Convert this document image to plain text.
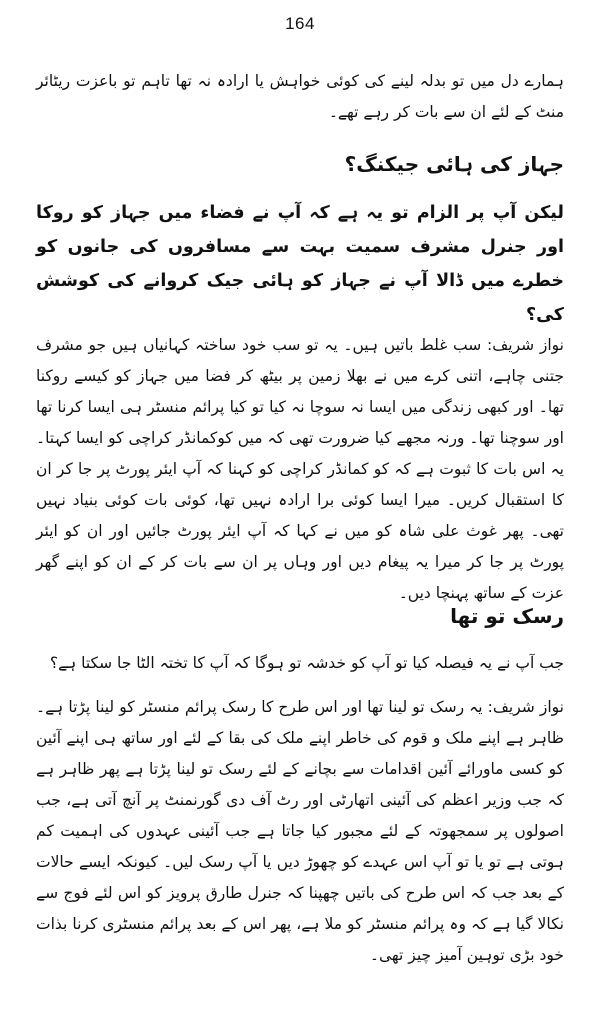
164

ہمارے دل میں تو بدلہ لینے کی کوئی خواہش یا ارادہ نہ تھا تاہم تو باعزت ریٹائر منٹ کے لئے ان سے بات کر رہے تھے۔

جہاز کی ہائی جیکنگ؟

لیکن آپ پر الزام تو یہ ہے کہ آپ نے فضاء میں جہاز کو روکا اور جنرل مشرف سمیت بہت سے مسافروں کی جانوں کو خطرے میں ڈالا آپ نے جہاز کو ہائی جیک کروانے کی کوشش کی؟

نواز شریف: سب غلط باتیں ہیں۔ یہ تو سب خود ساختہ کہانیاں ہیں جو مشرف جتنی چاہے، اتنی کرے میں نے بھلا زمین پر بیٹھ کر فضا میں جہاز کو کیسے روکنا تھا۔ اور کبھی زندگی میں ایسا نہ سوچا نہ کیا تو کیا پرائم منسٹر ہی ایسا کرنا تھا اور سوچنا تھا۔ ورنہ مجھے کیا ضرورت تھی کہ میں کوکمانڈر کراچی کو ایسا کہتا۔ یہ اس بات کا ثبوت ہے کہ کو کمانڈر کراچی کو کہنا کہ آپ ایئر پورٹ پر جا کر ان کا استقبال کریں۔ میرا ایسا کوئی برا ارادہ نہیں تھا، کوئی بات کوئی بنیاد نہیں تھی۔ پھر غوث علی شاہ کو میں نے کہا کہ آپ ایئر پورٹ جائیں اور ان کو ایئر پورٹ پر جا کر میرا یہ پیغام دیں اور وہاں پر ان سے بات کر کے ان کو اپنے گھر عزت کے ساتھ پہنچا دیں۔

رسک تو تھا

جب آپ نے یہ فیصلہ کیا تو آپ کو خدشہ تو ہوگا کہ آپ کا تختہ الٹا جا سکتا ہے؟

نواز شریف: یہ رسک تو لینا تھا اور اس طرح کا رسک پرائم منسٹر کو لینا پڑتا ہے۔ ظاہر ہے اپنے ملک و قوم کی خاطر اپنے ملک کی بقا کے لئے اور ساتھ ہی اپنے آئین کو کسی ماورائے آئین اقدامات سے بچانے کے لئے رسک تو لینا پڑتا ہے پھر ظاہر ہے کہ جب وزیر اعظم کی آئینی اتھارٹی اور رٹ آف دی گورنمنٹ پر آنچ آتی ہے، جب اصولوں پر سمجھوتہ کے لئے مجبور کیا جاتا ہے جب آئینی عہدوں کی اہمیت کم ہوتی ہے تو یا تو آپ اس عہدے کو چھوڑ دیں یا آپ رسک لیں۔ کیونکہ ایسے حالات کے بعد جب کہ اس طرح کی باتیں چھپنا کہ جنرل طارق پرویز کو اس لئے فوج سے نکالا گیا ہے کہ وہ پرائم منسٹر کو ملا ہے، پھر اس کے بعد پرائم منسٹری کرنا بذات خود بڑی توہین آمیز چیز تھی۔
